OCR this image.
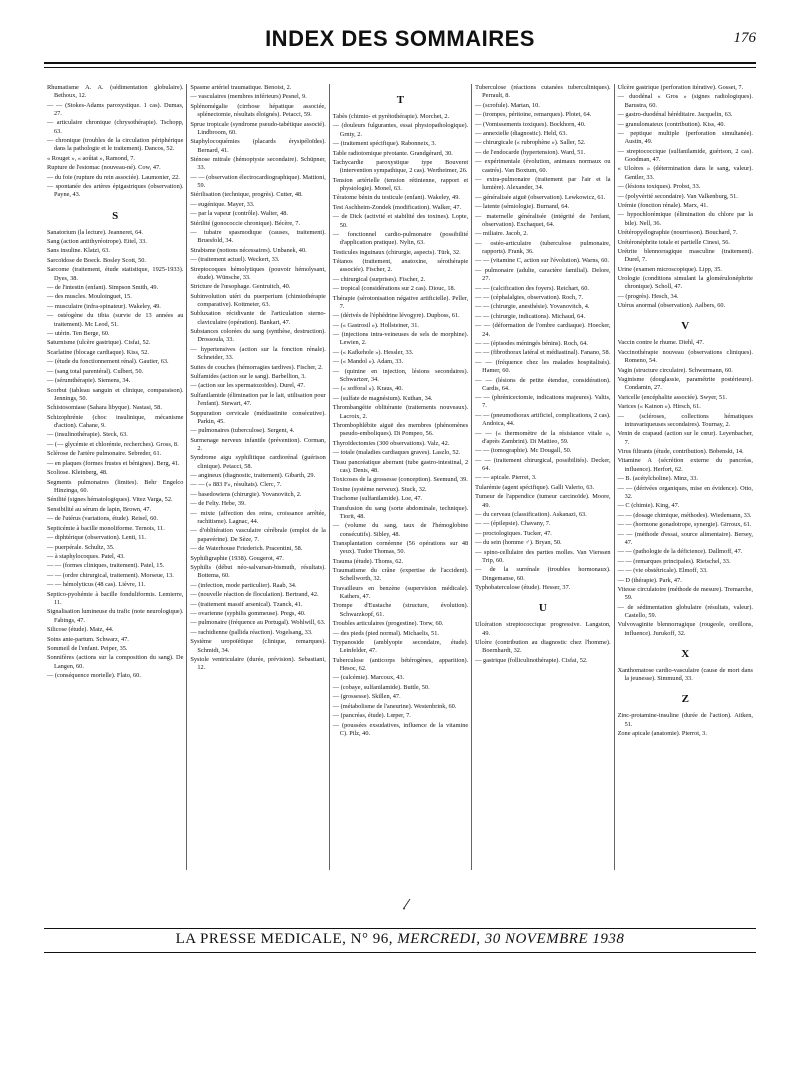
INDEX DES SOMMAIRES	176

Rhumatisme A. A. (sédimentation globulaire). Bethoux, 12.

— — (Stokes-Adams paroxystique. 1 cas). Dumas, 27.

— articulaire chronique (chrysothérapie). Tschopp, 63.

— chronique (troubles de la circulation périphérique dans la pathologie et le traitement). Dancos, 52.

« Rouget », « aoûtat », Ramond, 7.

Rupture de l'estomac (nouveau-né). Cow, 47.

— du foie (rupture du rein associée). Laumonier, 22.

— spontanée des artères épigastriques (observation). Payne, 43.

S

Sanatorium (la lecture). Jeanneret, 64.

Sang (action antithyréotrope). Eitel, 33.

Sans insuline. Klatzi, 63.

Sarcoïdose de Boeck. Bosley Scott, 50.

Sarcome (traitement, étude statistique, 1925-1933). Dyes, 38.

— de l'intestin (enfant). Simpson Smith, 49.

— des muscles. Mouloinguet, 15.

— musculaire (infra-spinateur). Wakeley, 49.

— ostéogène du tibia (survie de 13 années au traitement). Mc Leod, 51.

— utérin. Ten Berge, 60.

Saturnisme (ulcère gastrique). Cisfai, 52.

Scarlatine (blocage cardiaque). Kiss, 52.

— (étude du fonctionnement rénal). Gautier, 63.

— (sang total parentéral). Culbert, 50.

— (sérumthérapie). Siemens, 34.

Scorbut (tableau sanguin et clinique, comparaison). Jennings, 50.

Schistosomiase (Sahara libyque). Nastasi, 58.

Schizophrénie (choc insulinique, mécanisme d'action). Cahane, 9.

— (insulinothérapie). Steck, 63.

— (— glycémie et chlorémie, recherches). Gross, 8.

Sclérose de l'artère pulmonaire. Sebreder, 61.

— en plaques (formes frustes et bénignes). Berg, 41.

Scoliose. Kleinberg, 48.

Segments pulmonaires (limites). Behr Engelco Hinzinga, 60.

Sénilité (signes hématologiques). Vitez Varga, 52.

Sensibilité au sérum de lapin, Brown, 47.

— de l'utérus (variations, étude). Reisel, 60.

Septicémie à bacille monoliforme. Ternois, 11.

— diphtérique (observation). Lenti, 11.

— puerpérale. Schultz, 35.

— à staphylocoques. Patel, 43.

— — (formes cliniques, traitement). Patel, 15.

— — (ordre chirurgical, traitement). Morseue, 13.

— — hémolyticus (48 cas). Lièvre, 11.

Septico-pyohémie à bacille fonduliformis. Lemierre, 11.

Signalisation lumineuse du trafic (note neurologique). Fabings, 47.

Silicose (étude). Matz, 44.

Soins ante-partum. Schwarz, 47.

Sommeil de l'enfant. Peiper, 35.

Sonnifères (actions sur la composition du sang). De Langen, 60.

— (conséquence mortelle). Flato, 60.

Spasme artériel traumatique. Benoist, 2.

— vasculaires (membres inférieurs) Pesnel, 9.

Splénomégalie (cirrhose hépatique associée, splénectomie, résultats éloignés). Petacci, 59.

Sprue tropicale (syndrome pseudo-tabétique associé). Lindbroom, 60.

Staphylocoquémies (placards érysipéloïdes). Bernard, 41.

Sténose mitrale (hémoptysie secondaire). Schüpner, 33.

— — (observation électrocardiographique). Mattioni, 59.

Stérilisation (technique, progrès). Cutter, 48.

— eugénique. Mayer, 33.

— par la vapeur (contrôle). Walter, 48.

Stérilité (gonococcie chronique). Bécère, 7.

— tubaire spasmodique (causes, traitement). Bruesfold, 34.

Strabisme (notions nécessaires). Unbanek, 40.

— (traitement actuel). Weckert, 33.

Streptocoques hémolytiques (pouvoir hémolysant, étude). Wünsche, 33.

Stricture de l'œsophage. Gentruitch, 40.

Subinvolution utéri du puerperium (chimiothérapie comparative). Kottmeier, 63.

Subluxation récidivante de l'articulation sterno-claviculaire (opération). Bankart, 47.

Substances colorées du sang (synthèse, destruction). Drossoula, 33.

— hypertensives (action sur la fonction rénale). Schneider, 33.

Suites de couches (hémorragies tardives). Fischer, 2.

Sulfamides (action sur le sang). Barbellion, 3.

— (action sur les spermatozoïdes). Durel, 47.

Sulfanilamide (élimination par le lait, utilisation pour l'enfant). Stewart, 47.

Suppuration cervicale (médiastinite consécutive). Parkin, 45.

— pulmonaires (tuberculose). Sergent, 4.

Surmenage nerveux infantile (prévention). Corman, 2.

Syndrome aigu syphilitique cardiorénal (guérison clinique). Petacci, 58.

— angineux (diagnostic, traitement). Gibarth, 29.

— — (« 883 F», résultats). Clerc, 7.

— basedowiens (chirurgie). Yovanovitch, 2.

— de Felty. Hebe, 39.

— mixte (affection des reins, croissance arrêtée, rachitisme). Lagnac, 44.

— d'oblitération vasculaire cérébrale (emploi de la papavérine). De Sèze, 7.

— de Waterhouse Friederich. Pracentini, 58.

Syphiligraphie (1938). Gougerot, 47.

Syphilis (début néo-salvarsan-bismuth, résultats). Bottema, 60.

— (infection, mode particulier). Raab, 34.

— (nouvelle réaction de floculation). Bertrand, 42.

— (traitement massif arsenical). Tzanck, 41.

— ovarienne (syphilis gommeuse). Pregs, 40.

— pulmonaire (fréquence au Portugal). Wohlwill, 63.

— rachidienne (pallida réaction). Vogelsang, 33.

Système uropoïétique (clinique, remarques). Schmidt, 34.

Systole ventriculaire (durée, prévision). Sebastiani, 12.

T

Tabès (chimio- et pyrétothérapie). Morchet, 2.

— (douleurs fulgurantes, essai physiopathologique). Grnty, 2.

— (traitement spécifique). Rabonneix, 3.

Table radiotomique pivotante. Grandgérard, 30.

Tachycardie paroxystique type Bouveret (intervention sympathique, 2 cas). Wertheimer, 26.

Tension artérielle (tension rétinienne, rapport et physiologie). Monel, 63.

Tératome bénin du testicule (enfant). Wakeley, 49.

Test Aschheim-Zondek (modification). Walker, 47.

— de Dick (activité et stabilité des toxines). Lopte, 50.

— fonctionnel cardio-pulmonaire (possibilité d'application pratique). Nylin, 63.

Testicules inguinaux (chirurgie, aspects). Türk, 32.

Tétanos (traitement, anatoxine, sérothérapie associée). Fischer, 2.

— chirurgical (surprises). Fischer, 2.

— tropical (considérations sur 2 cas). Diouc, 18.

Thérapie (sérotonisation négative artificielle). Peller, 7.

— (dérivés de l'éphédrine lévogyre). Dupboss, 61.

— (« Gastrosil »). Hollsteiner, 31.

— (injections intra-veineuses de sels de morphine). Lewien, 2.

— (« Kafkehole »). Hessler, 33.

— (« Mandol »). Adam, 33.

— (quinine en injection, lésions secondaires). Schwartzer, 34.

— (« sofforal »). Kraus, 40.

— (sulfate de magnésium). Kuthan, 34.

Thrombangéite oblitérante (traitements nouveaux). Lacroix, 2.

Thrombophlébite aiguë des membres (phénomènes pseudo-emboliques). Di Pompeo, 56.

Thyroïdectomies (300 observations). Valz, 42.

— totale (maladies cardiaques graves). Laszlo, 52.

Tissu pancréatique aberrant (tube gastro-intestinal, 2 cas). Denis, 48.

Toxicoses de la grossesse (conception). Seemund, 39.

Toxine (système nerveux). Stuck, 32.

Trachome (sulfanilamide). Loe, 47.

Transfusion du sang (sorte abdominale, technique). Tiorit, 48.

— (volume du sang, taux de l'hémoglobine consécutifs). Sibley, 48.

Transplantation cornéenne (56 opérations sur 48 yeux). Tudor Thomas, 50.

Trauma (étude). Thoms, 62.

Traumatisme du crâne (expertise de l'accident). Schellworth, 32.

Travailleurs en benzène (supervision médicale). Kathers, 47.

Trompe d'Eustache (structure, évolution). Schwarzkopf, 61.

Troubles articulaires (progestine). Torw, 60.

— des pieds (pied normal). Michaelis, 51.

Trypanoside (amblyopie secondaire, étude). Leinfelder, 47.

Tuberculose (anticorps hétérogènes, apparition). Hesoc, 62.

— (calcémie). Marcoux, 43.

— (cobaye, sulfanilamide). Buttle, 50.

— (grossesse). Skillen, 47.

— (métabolisme de l'aneurine). Westenbrink, 60.

— (pancréas, étude). Lœper, 7.

— (poussées exsudatives, influence de la vitamine C). Pilz, 40.

Tuberculose (réactions cutanées tuberculiniques). Perrault, 8.

— (scrofule). Martan, 10.

— (trompes, péritoine, remarques). Plotet, 64.

— (Vomissements toxiques). Bockhorn, 40.

— annexielle (diagnostic). Held, 63.

— chirurgicale (« rubrophène »). Saller, 52.

— de l'endocarde (hypertension). Ward, 51.

— expérimentale (évolution, animaux normaux ou castrés). Van Boxtum, 60.

— extra-pulmonaire (traitement par l'air et la lumière). Alexander, 34.

— généralisée aiguë (observation). Lewkowicz, 61.

— latente (sémiologie). Burnand, 64.

— maternelle généralisée (intégrité de l'enfant, observation). Exchaquet, 64.

— miliaire. Jacob, 2.

— ostéo-articulaire (tuberculose pulmonaire, rapports). Frank, 36.

— — (vitamine C, action sur l'évolution). Warns, 60.

— pulmonaire (adulte, caractère familial). Delore, 27.

— — (calcification des foyers). Reichart, 60.

— — (céphalalgies, observation). Roch, 7.

— — (chirurgie, anesthésie). Yovanovitch, 4.

— — (chirurgie, indications). Michaud, 64.

— — (déformation de l'ombre cardiaque). Hoecker, 24.

— — (épisodes méningés bénins). Roch, 64.

— — (fibrothorax latéral et médiastinal). Fanano, 58.

— — (fréquence chez les malades hospitalisés). Hamer, 60.

— — (lésions de petite étendue, considération). Cardis, 64.

— — (phrénicectomie, indications majeures). Valtis, 7.

— — (pneumothorax artificiel, complications, 2 cas). Andoica, 44.

— — (« thermomètre de la résistance vitale », d'après Zambrini). Di Mattieo, 59.

— — (tomographie). Mc Dougall, 50.

— — (traitement chirurgical, possibilités). Decker, 64.

— — apicale. Pierret, 3.

Tularémie (agent spécifique). Galli Valerio, 63.

Tumeur de l'appendice (tumeur carcinoïde). Moore, 49.

— du cerveau (classification). Askanazi, 63.

— — (épilepsie). Chavany, 7.

— proctologiques. Tucker, 47.

— du sein (homme ♂). Bryan, 50.

— spino-cellulaire des parties molles. Van Vierssen Trip, 60.

— de la surrénale (troubles hormonaux). Dingemanse, 60.

Typhobaterculose (étude). Hesser, 37.

U

Ulcération streptococcique progressive. Langston, 49.

Ulcère (contribution au diagnostic chez l'homme). Boernhardt, 32.

— gastrique (folliculinothérapie). Cisfai, 52.

Ulcère gastrique (perforation itérative). Gosset, 7.

— duodénal « Gros » (signes radiologiques). Barustra, 60.

— gastro-duodénal héréditaire. Jacquelin, 63.

— granulomateux (contribution). Kiss, 40.

— peptique multiple (perforation simultanée). Austin, 49.

— streptococcique (sulfanilamide, guérison, 2 cas). Goodman, 47.

« Ulcères » (détermination dans le sang, valeur). Gentler, 33.

— (lésions toxiques). Probst, 33.

— (polyvérité secondaire). Van Valkenburg, 51.

Urémie (fonction rénale). Marx, 41.

— hypochlorémique (élimination du chlore par la bile). Nell, 36.

Urétéropyélographie (nourrisson). Bouchard, 7.

Urétéronéphrite totale et partielle Cinesi, 56.

Urétrite blennorragique masculine (traitement). Durel, 7.

Urine (examen microscopique). Lipp, 35.

Urologie (conditions simulant la glomérulonéphrite chronique). Scholl, 47.

— (progrès). Hesch, 34.

Utérus anormal (observation). Aalbers, 60.

V

Vaccin contre le rhume. Diehl, 47.

Vaccinothérapie nouveau (observations cliniques). Romeno, 54.

Vagin (structure circulaire). Schwurmann, 60.

Vaginisme (douglassie, paramétrite postérieure). Condamin, 27.

Varicelle (encéphalite associée). Swyer, 51.

Varices (« Kainon »). Hirsch, 61.

— (scléroses, collections hématiques intravariqueuses secondaires). Tournay, 2.

Venin de crapaud (action sur le cœur). Leyenbacher, 7.

Virus filtrants (étude, contribution). Bobenskt, 14.

Vitamine A (sécrétion externe du pancréas, influence). Herfort, 62.

— B. (acétylcholine). Minz, 33.

— — (dérivées organiques, mise en évidence). Otto, 32.

— C (chimie). King, 47.

— — (dosage chimique, méthodes). Wiedemann, 33.

— — (hormone gonadotrope, synergie). Girroux, 61.

— — (méthode d'essai, source alimentaire). Bersey, 47.

— — (pathologie de la déficience). Dallmoff, 47.

— — (remarques principales). Rietschel, 33.

— — (vie obstétricale). Elmoff, 33.

— D (thérapie). Park, 47.

Vitesse circulatoire (méthode de mesure). Tremarche, 59.

— de sédimentation globulaire (résultats, valeur). Castello, 59.

Vulvovaginite blennorragique (rougeole, oreillons, influence). Jurukoff, 32.

X

Xanthomatose cardio-vasculaire (cause de mort dans la jeunesse). Simmund, 33.

Z

Zinc-protamine-insuline (durée de l'action). Aitken, 51.

Zone apicale (anatomie). Pierrot, 3.

LA PRESSE MEDICALE, N° 96, MERCREDI, 30 NOVEMBRE 1938
